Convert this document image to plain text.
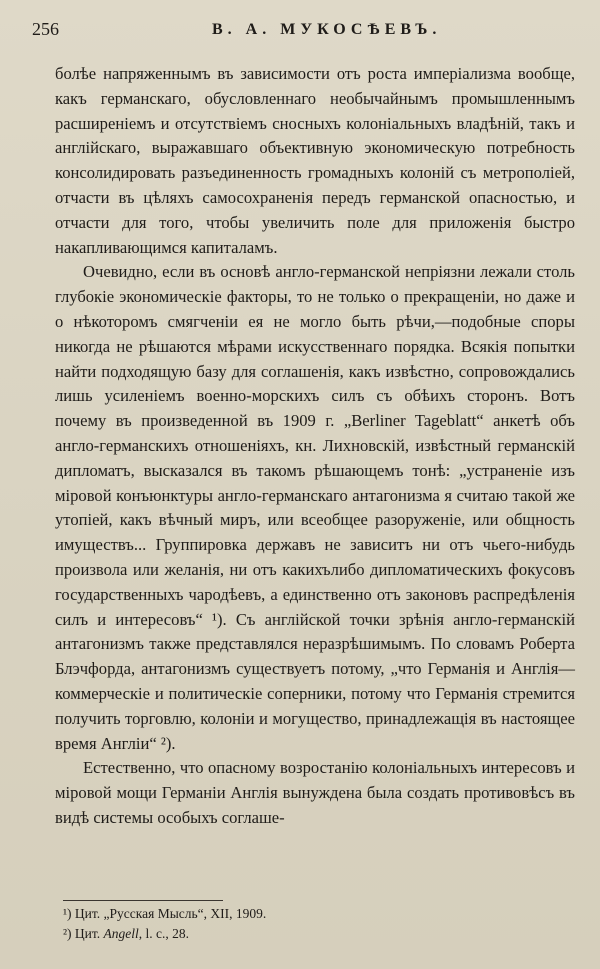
256	В. А. МУКОСѢЕВЪ.

болѣе напряженнымъ въ зависимости отъ роста имперіализма вообще, какъ германскаго, обусловленнаго необычайнымъ промышленнымъ расширеніемъ и отсутствіемъ сносныхъ колоніальныхъ владѣній, такъ и англійскаго, выражавшаго объективную экономическую потребность консолидировать разъединенность громадныхъ колоній съ метрополіей, отчасти въ цѣляхъ самосохраненія передъ германской опасностью, и отчасти для того, чтобы увеличить поле для приложенія быстро накапливающимся капиталамъ.

Очевидно, если въ основѣ англо-германской непріязни лежали столь глубокіе экономическіе факторы, то не только о прекращеніи, но даже и о нѣкоторомъ смягченіи ея не могло быть рѣчи,—подобные споры никогда не рѣшаются мѣрами искусственнаго порядка. Всякія попытки найти подходящую базу для соглашенія, какъ извѣстно, сопровождались лишь усиленіемъ военно-морскихъ силъ съ обѣихъ сторонъ. Вотъ почему въ произведенной въ 1909 г. „Berliner Tageblatt“ анкетѣ объ англо-германскихъ отношеніяхъ, кн. Лихновскій, извѣстный германскій дипломатъ, высказался въ такомъ рѣшающемъ тонѣ: „устраненіе изъ міровой конъюнктуры англо-германскаго антагонизма я считаю такой же утопіей, какъ вѣчный миръ, или всеобщее разоруженіе, или общность имуществъ... Группировка державъ не зависитъ ни отъ чьего-нибудь произвола или желанія, ни отъ какихълибо дипломатическихъ фокусовъ государственныхъ чародѣевъ, а единственно отъ законовъ распредѣленія силъ и интересовъ“ ¹). Съ англійской точки зрѣнія англо-германскій антагонизмъ также представлялся неразрѣшимымъ. По словамъ Роберта Блэчфорда, антагонизмъ существуетъ потому, „что Германія и Англія—коммерческіе и политическіе соперники, потому что Германія стремится получить торговлю, колоніи и могущество, принадлежащія въ настоящее время Англіи“ ²).

Естественно, что опасному возростанію колоніальныхъ интересовъ и міровой мощи Германіи Англія вынуждена была создать противовѣсъ въ видѣ системы особыхъ соглаше-

¹) Цит. „Русская Мысль“, XII, 1909.
²) Цит. Angell, l. c., 28.
